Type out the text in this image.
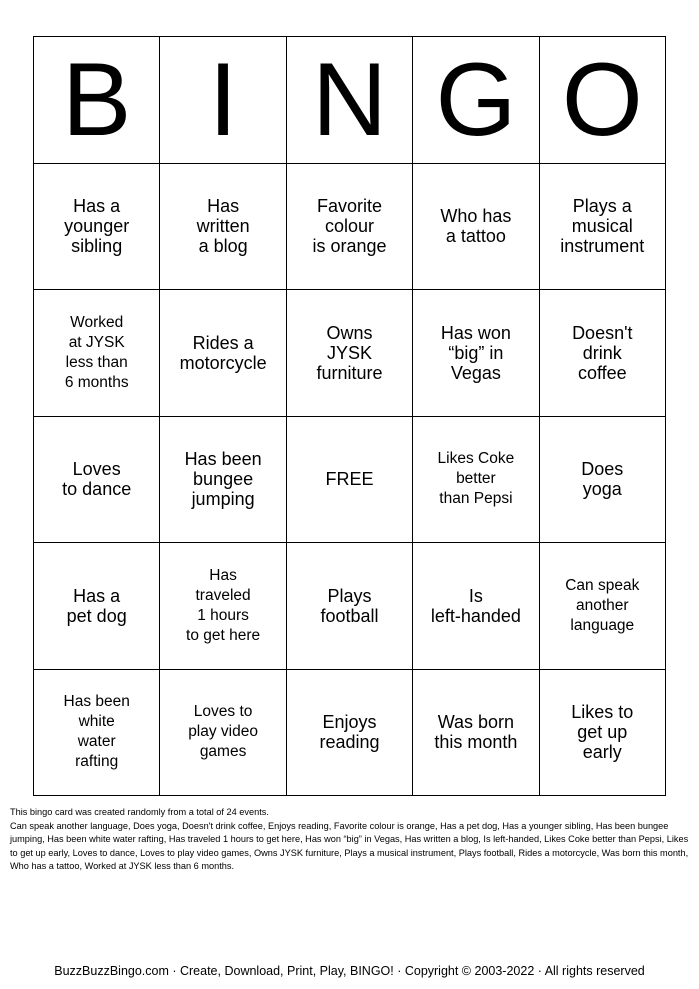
B I N G O
Has a
younger
sibling
Has
written
a blog
Favorite
colour
is orange
Who has
a tattoo
Plays a
musical
instrument
Worked
at JYSK
less than
6 months
Rides a
motorcycle
Owns
JYSK
furniture
Has won
“big” in
Vegas
Doesn't
drink
coffee
Loves
to dance
Has been
bungee
jumping
FREE
Likes Coke
better
than Pepsi
Does
yoga
Has a
pet dog
Has
traveled
1 hours
to get here
Plays
football
Is
left-handed
Can speak
another
language
Has been
white
water
rafting
Loves to
play video
games
Enjoys
reading
Was born
this month
Likes to
get up
early
This bingo card was created randomly from a total of 24 events.
Can speak another language, Does yoga, Doesn't drink coffee, Enjoys reading, Favorite colour is orange, Has a pet dog, Has a younger sibling, Has been bungee jumping, Has been white water rafting, Has traveled 1 hours to get here, Has won “big” in Vegas, Has written a blog, Is left-handed, Likes Coke better than Pepsi, Likes to get up early, Loves to dance, Loves to play video games, Owns JYSK furniture, Plays a musical instrument, Plays football, Rides a motorcycle, Was born this month, Who has a tattoo, Worked at JYSK less than 6 months.
BuzzBuzzBingo.com · Create, Download, Print, Play, BINGO! · Copyright © 2003-2022 · All rights reserved
